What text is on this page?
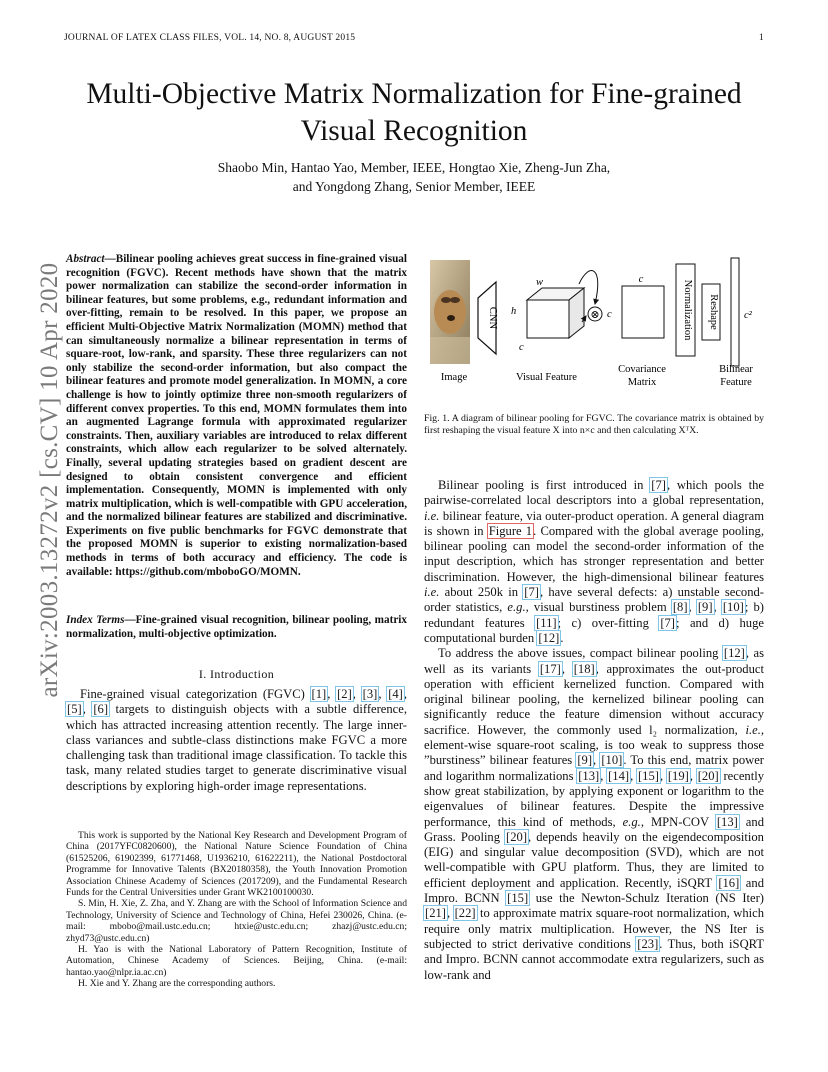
JOURNAL OF LATEX CLASS FILES, VOL. 14, NO. 8, AUGUST 2015	1
Multi-Objective Matrix Normalization for Fine-grained Visual Recognition
Shaobo Min, Hantao Yao, Member, IEEE, Hongtao Xie, Zheng-Jun Zha,
and Yongdong Zhang, Senior Member, IEEE
arXiv:2003.13272v2 [cs.CV] 10 Apr 2020
Abstract—Bilinear pooling achieves great success in fine-grained visual recognition (FGVC). Recent methods have shown that the matrix power normalization can stabilize the second-order information in bilinear features, but some problems, e.g., redundant information and over-fitting, remain to be resolved. In this paper, we propose an efficient Multi-Objective Matrix Normalization (MOMN) method that can simultaneously normalize a bilinear representation in terms of square-root, low-rank, and sparsity. These three regularizers can not only stabilize the second-order information, but also compact the bilinear features and promote model generalization. In MOMN, a core challenge is how to jointly optimize three non-smooth regularizers of different convex properties. To this end, MOMN formulates them into an augmented Lagrange formula with approximated regularizer constraints. Then, auxiliary variables are introduced to relax different constraints, which allow each regularizer to be solved alternately. Finally, several updating strategies based on gradient descent are designed to obtain consistent convergence and efficient implementation. Consequently, MOMN is implemented with only matrix multiplication, which is well-compatible with GPU acceleration, and the normalized bilinear features are stabilized and discriminative. Experiments on five public benchmarks for FGVC demonstrate that the proposed MOMN is superior to existing normalization-based methods in terms of both accuracy and efficiency. The code is available: https://github.com/mboboGO/MOMN.
Index Terms—Fine-grained visual recognition, bilinear pooling, matrix normalization, multi-objective optimization.
I. Introduction
Fine-grained visual categorization (FGVC) [1], [2], [3], [4], [5], [6] targets to distinguish objects with a subtle difference, which has attracted increasing attention recently. The large inner-class variances and subtle-class distinctions make FGVC a more challenging task than traditional image classification. To tackle this task, many related studies target to generate discriminative visual descriptions by exploring high-order image representations.

This work is supported by the National Key Research and Development Program of China (2017YFC0820600), the National Nature Science Foundation of China (61525206, 61902399, 61771468, U1936210, 61622211), the National Postdoctoral Programme for Innovative Talents (BX20180358), the Youth Innovation Promotion Association Chinese Academy of Sciences (2017209), and the Fundamental Research Funds for the Central Universities under Grant WK2100100030.

S. Min, H. Xie, Z. Zha, and Y. Zhang are with the School of Information Science and Technology, University of Science and Technology of China, Hefei 230026, China. (e-mail: mbobo@mail.ustc.edu.cn; htxie@ustc.edu.cn; zhazj@ustc.edu.cn; zhyd73@ustc.edu.cn)

H. Yao is with the National Laboratory of Pattern Recognition, Institute of Automation, Chinese Academy of Sciences. Beijing, China. (e-mail: hantao.yao@nlpr.ia.ac.cn)

H. Xie and Y. Zhang are the corresponding authors.

Image
CNN h
w
c
Visual Feature
⊗ c
c
Covariance
Matrix
Normalization Reshape c²
Bilinear
Feature
Fig. 1. A diagram of bilinear pooling for FGVC. The covariance matrix is obtained by first reshaping the visual feature X into n×c and then calculating XᵀX.

Bilinear pooling is first introduced in [7], which pools the pairwise-correlated local descriptors into a global representation, i.e. bilinear feature, via outer-product operation. A general diagram is shown in Figure 1. Compared with the global average pooling, bilinear pooling can model the second-order information of the input description, which has stronger representation and better discrimination. However, the high-dimensional bilinear features i.e. about 250k in [7], have several defects: a) unstable second-order statistics, e.g., visual burstiness problem [8], [9], [10]; b) redundant features [11]; c) over-fitting [7]; and d) huge computational burden [12].

To address the above issues, compact bilinear pooling [12], as well as its variants [17], [18], approximates the out-product operation with efficient kernelized function. Compared with original bilinear pooling, the kernelized bilinear pooling can significantly reduce the feature dimension without accuracy sacrifice. However, the commonly used l₂ normalization, i.e., element-wise square-root scaling, is too weak to suppress those ”burstiness” bilinear features [9], [10]. To this end, matrix power and logarithm normalizations [13], [14], [15], [19], [20] recently show great stabilization, by applying exponent or logarithm to the eigenvalues of bilinear features. Despite the impressive performance, this kind of methods, e.g., MPN-COV [13] and Grass. Pooling [20], depends heavily on the eigendecomposition (EIG) and singular value decomposition (SVD), which are not well-compatible with GPU platform. Thus, they are limited to efficient deployment and application. Recently, iSQRT [16] and Impro. BCNN [15] use the Newton-Schulz Iteration (NS Iter) [21], [22] to approximate matrix square-root normalization, which require only matrix multiplication. However, the NS Iter is subjected to strict derivative conditions [23]. Thus, both iSQRT and Impro. BCNN cannot accommodate extra regularizers, such as low-rank and
